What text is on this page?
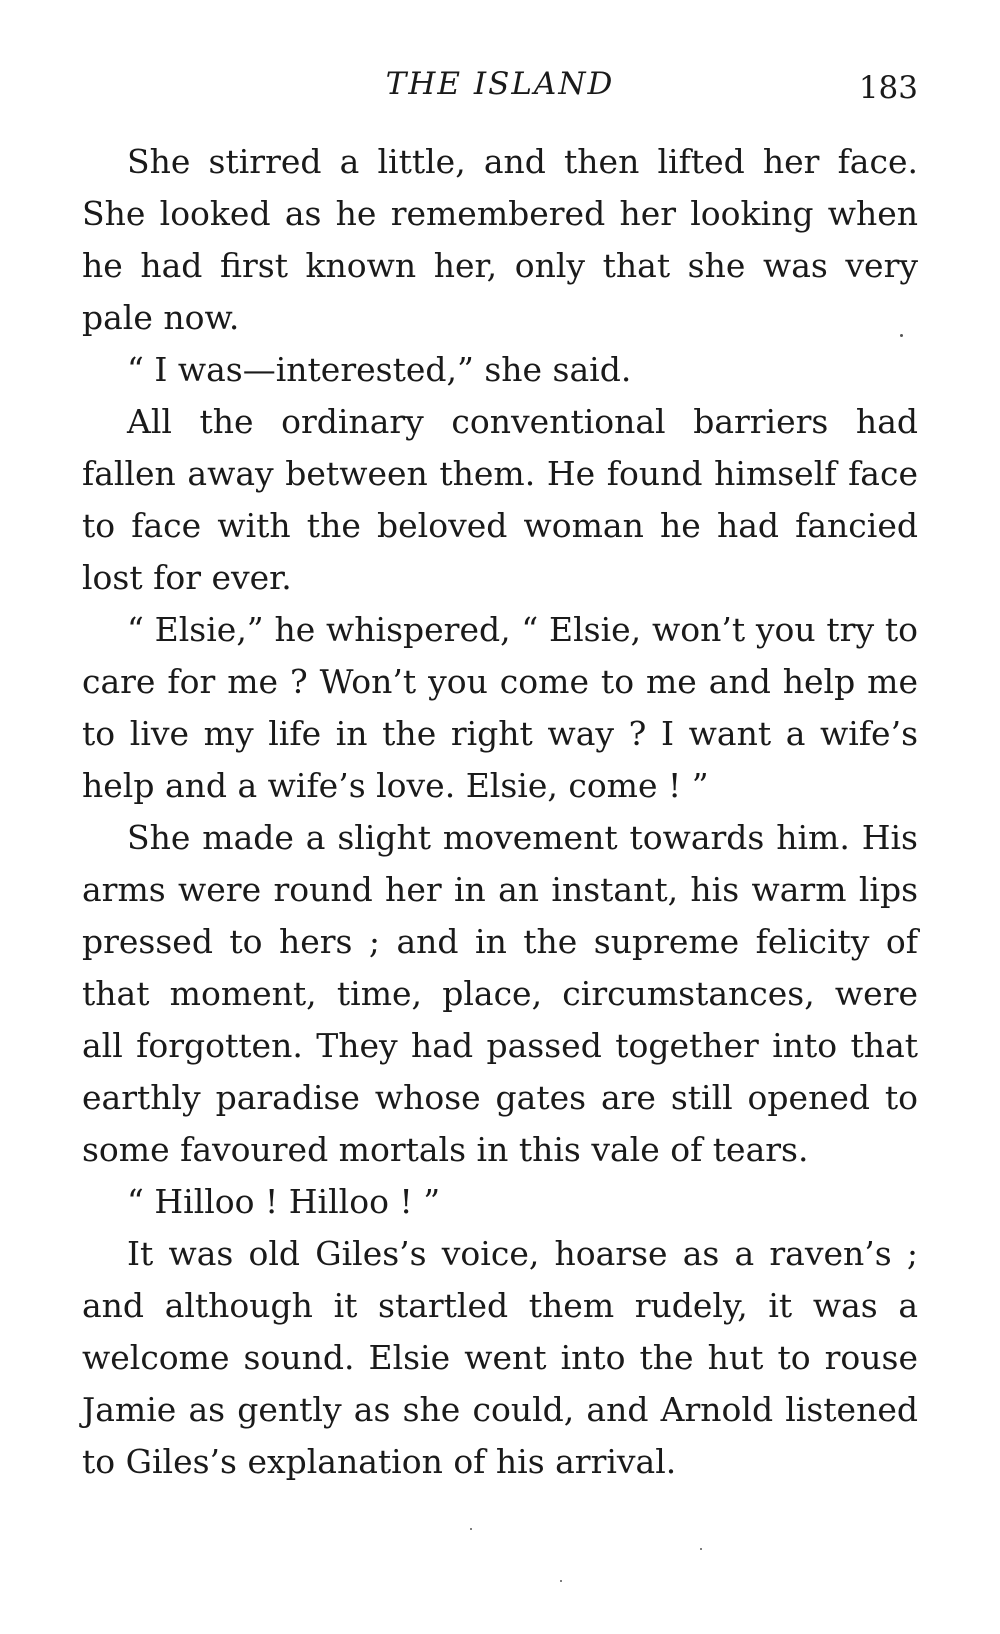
THE ISLAND	183

She stirred a little, and then lifted her face. She looked as he remembered her looking when he had first known her, only that she was very pale now.

“ I was—interested,” she said.

All the ordinary conventional barriers had fallen away between them. He found himself face to face with the beloved woman he had fancied lost for ever.

“ Elsie,” he whispered, “ Elsie, won’t you try to care for me ? Won’t you come to me and help me to live my life in the right way ? I want a wife’s help and a wife’s love. Elsie, come ! ”

She made a slight movement towards him. His arms were round her in an instant, his warm lips pressed to hers ; and in the supreme felicity of that moment, time, place, circumstances, were all forgotten. They had passed together into that earthly paradise whose gates are still opened to some favoured mortals in this vale of tears.

“ Hilloo ! Hilloo ! ”

It was old Giles’s voice, hoarse as a raven’s ; and although it startled them rudely, it was a welcome sound. Elsie went into the hut to rouse Jamie as gently as she could, and Arnold listened to Giles’s explanation of his arrival.
